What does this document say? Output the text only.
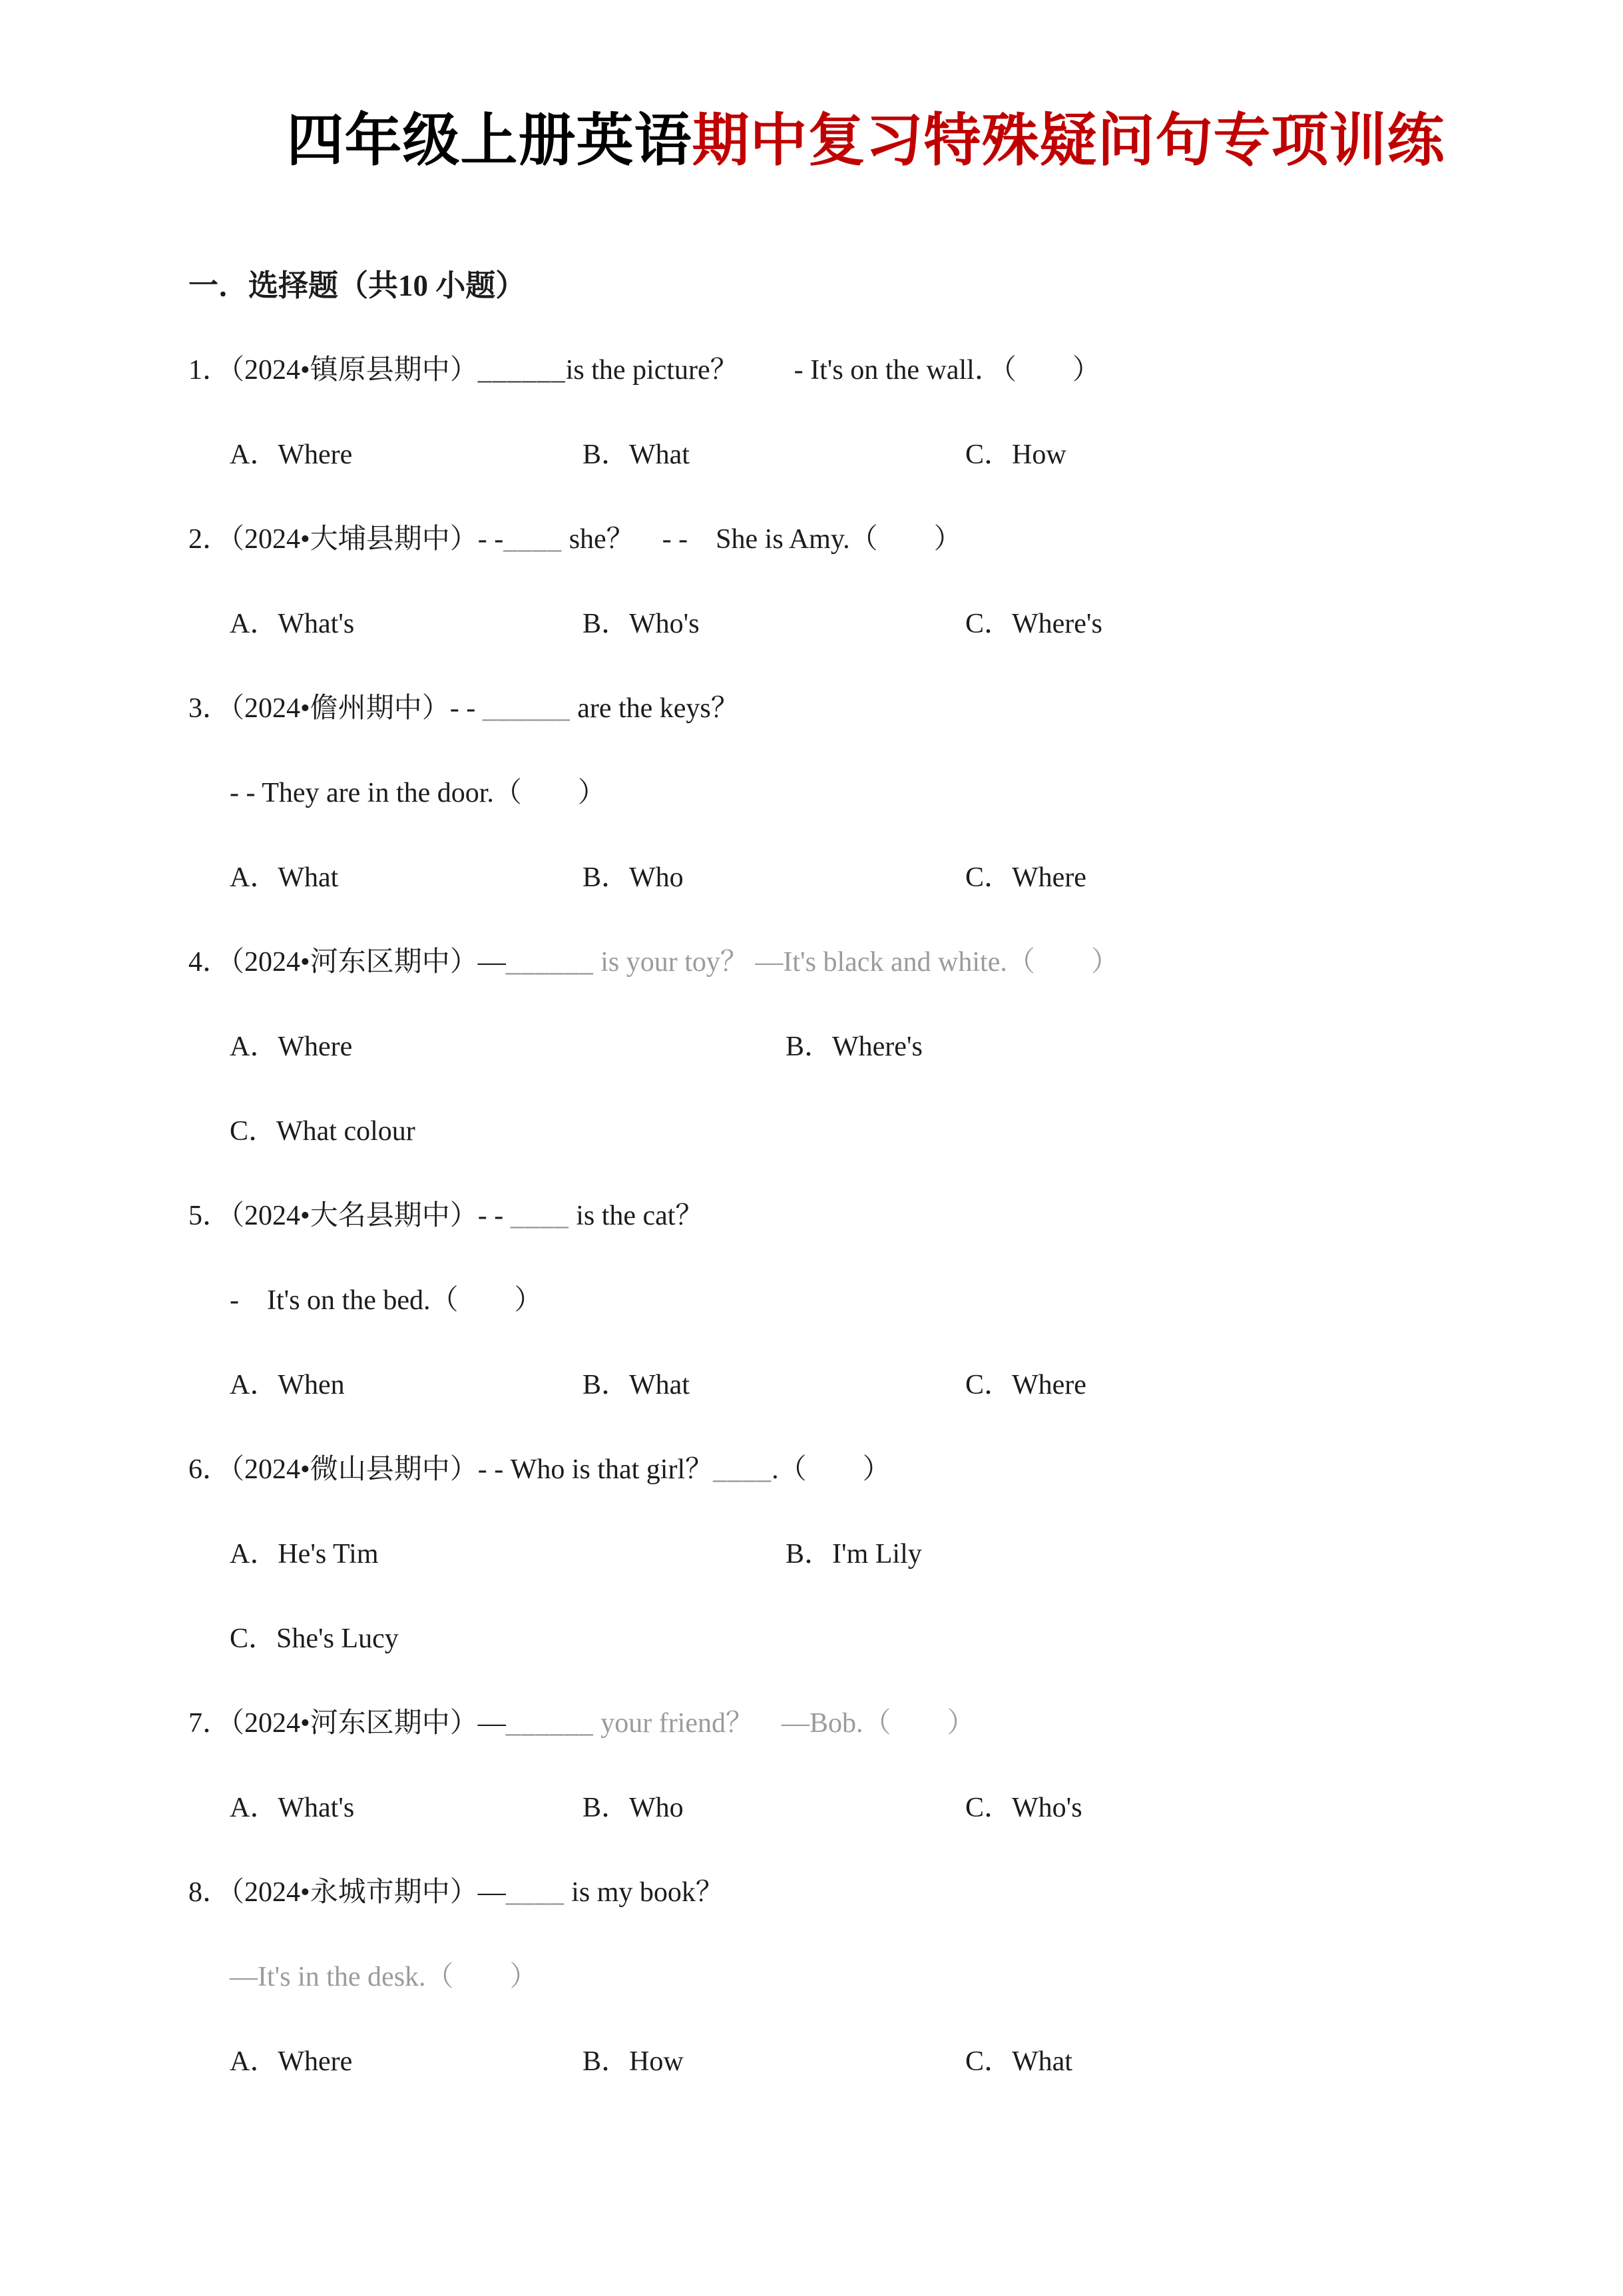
四年级上册英语期中复习特殊疑问句专项训练
一．选择题（共10 小题）
1．（2024•镇原县期中）______is the picture？　　- It's on the wall．（　　）
A．Where	B．What	C．How
2．（2024•大埔县期中）- -____ she？　- -　She is Amy.（　　）
A．What's	B．Who's	C．Where's
3．（2024•儋州期中）- - ______ are the keys？
- - They are in the door.（　　）
A．What	B．Who	C．Where
4．（2024•河东区期中）—______ is your toy？ —It's black and white.（　　）
A．Where	B．Where's
C．What colour
5．（2024•大名县期中）- - ____ is the cat？
-　It's on the bed.（　　）
A．When	B．What	C．Where
6．（2024•微山县期中）- - Who is that girl？____.（　　）
A．He's Tim	B．I'm Lily
C．She's Lucy
7．（2024•河东区期中）—______ your friend？　—Bob.（　　）
A．What's	B．Who	C．Who's
8．（2024•永城市期中）—____ is my book？
—It's in the desk.（　　）
A．Where	B．How	C．What
